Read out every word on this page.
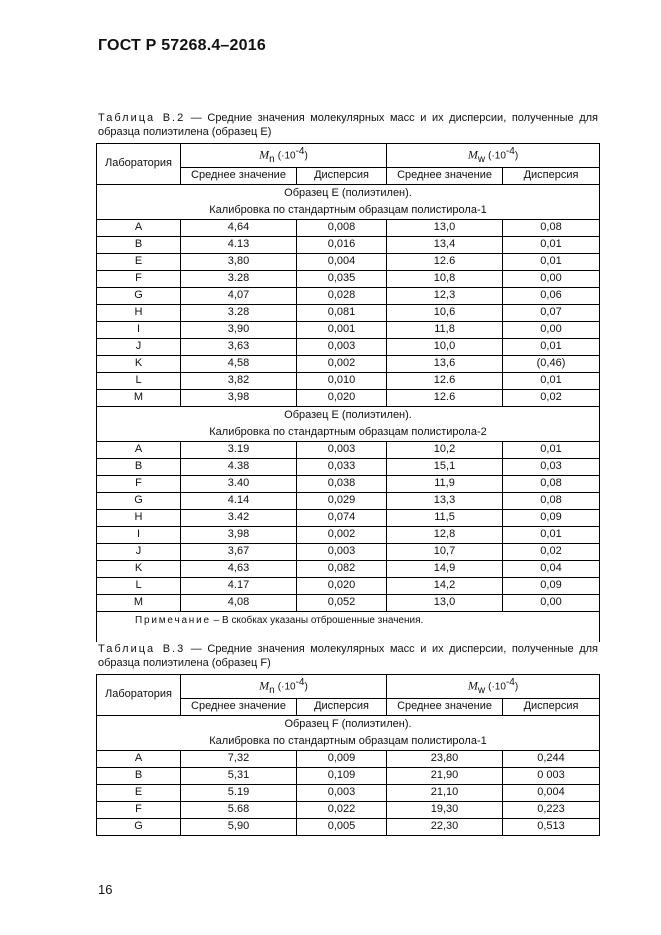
ГОСТ Р 57268.4–2016
Таблица В.2 — Средние значения молекулярных масс и их дисперсии, полученные для образца полиэтилена (образец Е)
Лаборатория	$M_n$ $(\cdot 10^{-4})$		$M_w$ $(\cdot 10^{-4})$	
	Среднее значение	Дисперсия	Среднее значение	Дисперсия

Образец Е (полиэтилен).
Калибровка по стандартным образцам полистирола-1				

A	4,64	0,008	13,0	0,08
B	4.13	0,016	13,4	0,01
E	3,80	0,004	12.6	0,01
F	3.28	0,035	10,8	0,00
G	4,07	0,028	12,3	0,06
H	3.28	0,081	10,6	0,07
I	3,90	0,001	11,8	0,00
J	3,63	0,003	10,0	0,01
K	4,58	0,002	13,6	(0,46)
L	3,82	0,010	12.6	0,01
M	3,98	0,020	12.6	0,02

Образец Е (полиэтилен).
Калибровка по стандартным образцам полистирола-2				

A	3.19	0,003	10,2	0,01
B	4.38	0,033	15,1	0,03
F	3.40	0,038	11,9	0,08
G	4.14	0,029	13,3	0,08
H	3.42	0,074	11,5	0,09
I	3,98	0,002	12,8	0,01
J	3,67	0,003	10,7	0,02
K	4,63	0,082	14,9	0,04
L	4.17	0,020	14,2	0,09
M	4,08	0,052	13,0	0,00
Примечание – В скобках указаны отброшенные значения.				

Таблица В.3 — Средние значения молекулярных масс и их дисперсии, полученные для образца полиэтилена (образец F)
Лаборатория	$M_n$ $(\cdot 10^{-4})$		$M_w$ $(\cdot 10^{-4})$	
	Среднее значение	Дисперсия	Среднее значение	Дисперсия

Образец F (полиэтилен).
Калибровка по стандартным образцам полистирола-1				

A	7,32	0,009	23,80	0,244
B	5,31	0,109	21,90	0 003
E	5.19	0,003	21,10	0,004
F	5.68	0,022	19,30	0,223
G	5,90	0,005	22,30	0,513
16
